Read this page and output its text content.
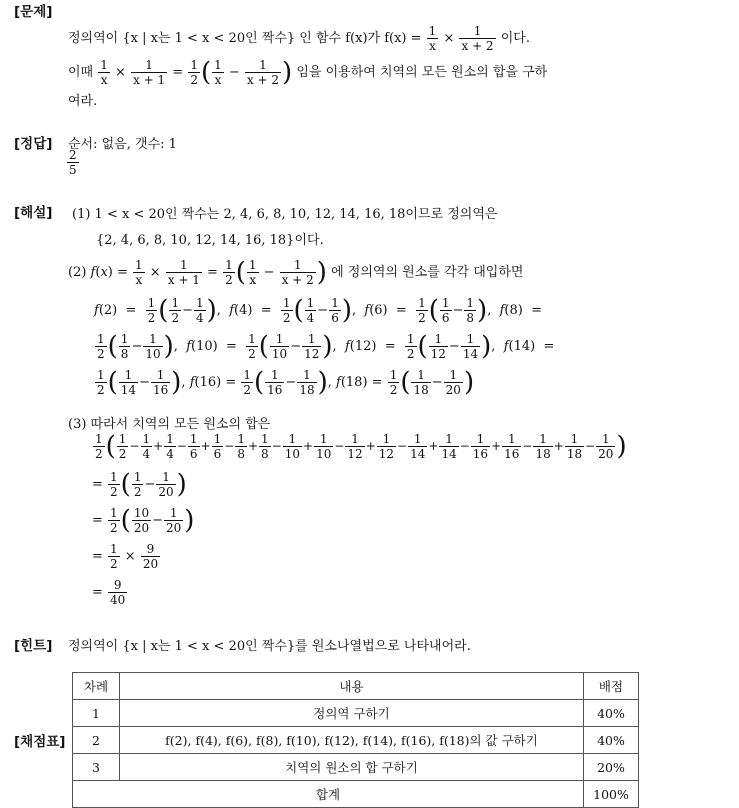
[문제]
[정답]
[해설]
[힌트]
[채점표]
정의역이 {x | x는 1 < x < 20인 짝수} 인 함수 f(x)가 $f(x) = \frac{1}{x} \times \frac{1}{x + 2}$ 이다.
이때 $\frac{1}{x} \times \frac{1}{x + 1} = \frac{1}{2}$ ( $\frac{1}{x} - \frac{1}{x + 2}$ ) 임을 이용하여 치역의 모든 원소의 합을 구하
여라.
순서: 없음, 갯수: 1
$\frac{2}{5}$
(1) 1 < x < 20인 짝수는 2, 4, 6, 8, 10, 12, 14, 16, 18이므로 정의역은
{2, 4, 6, 8, 10, 12, 14, 16, 18}이다.
(2) $f(x) = \frac{1}{x} \times \frac{1}{x + 1} = \frac{1}{2}$ ( $\frac{1}{x} - \frac{1}{x + 2}$ ) 에 정의역의 원소를 각각 대입하면
$f(2) = \frac{1}{2}$ ( $\frac{1}{2} - \frac{1}{4}$ ),  $f(4) = \frac{1}{2}$ ( $\frac{1}{4} - \frac{1}{6}$ ),  $f(6) = \frac{1}{2}$ ( $\frac{1}{6} - \frac{1}{8}$ ),  f(8)  =
$\frac{1}{2}$ ( $\frac{1}{8} - \frac{1}{10}$ ),  $f(10) = \frac{1}{2}$ ( $\frac{1}{10} - \frac{1}{12}$ ),  $f(12) = \frac{1}{2}$ ( $\frac{1}{12} - \frac{1}{14}$ ),  f(14)  =
$\frac{1}{2}$ ( $\frac{1}{14} - \frac{1}{16}$ ), $f(16) = \frac{1}{2}$ ( $\frac{1}{16} - \frac{1}{18}$ ), $f(18) = \frac{1}{2}$ ( $\frac{1}{18} - \frac{1}{20}$ )
(3) 따라서 치역의 모든 원소의 합은
$\frac{1}{2}$ ( $\frac{1}{2} - \frac{1}{4} + \frac{1}{4} - \frac{1}{6} + \frac{1}{6} - \frac{1}{8} + \frac{1}{8} - \frac{1}{10} + \frac{1}{10} - \frac{1}{12} + \frac{1}{12} - \frac{1}{14} + \frac{1}{14} - \frac{1}{16} + \frac{1}{16} - \frac{1}{18} + \frac{1}{18} - \frac{1}{20}$ )
= $\frac{1}{2}$ ( $\frac{1}{2} - \frac{1}{20}$ )
= $\frac{1}{2}$ ( $\frac{10}{20} - \frac{1}{20}$ )
= $\frac{1}{2} \times \frac{9}{20}$
= $\frac{9}{40}$
정의역이 {x | x는 1 < x < 20인 짝수}를 원소나열법으로 나타내어라.
차례	내용	배점
1	정의역 구하기	40%
2	f(2), f(4), f(6), f(8), f(10), f(12), f(14), f(16), f(18)의 값 구하기	40%
3	치역의 원소의 합 구하기	20%
합계		100%
